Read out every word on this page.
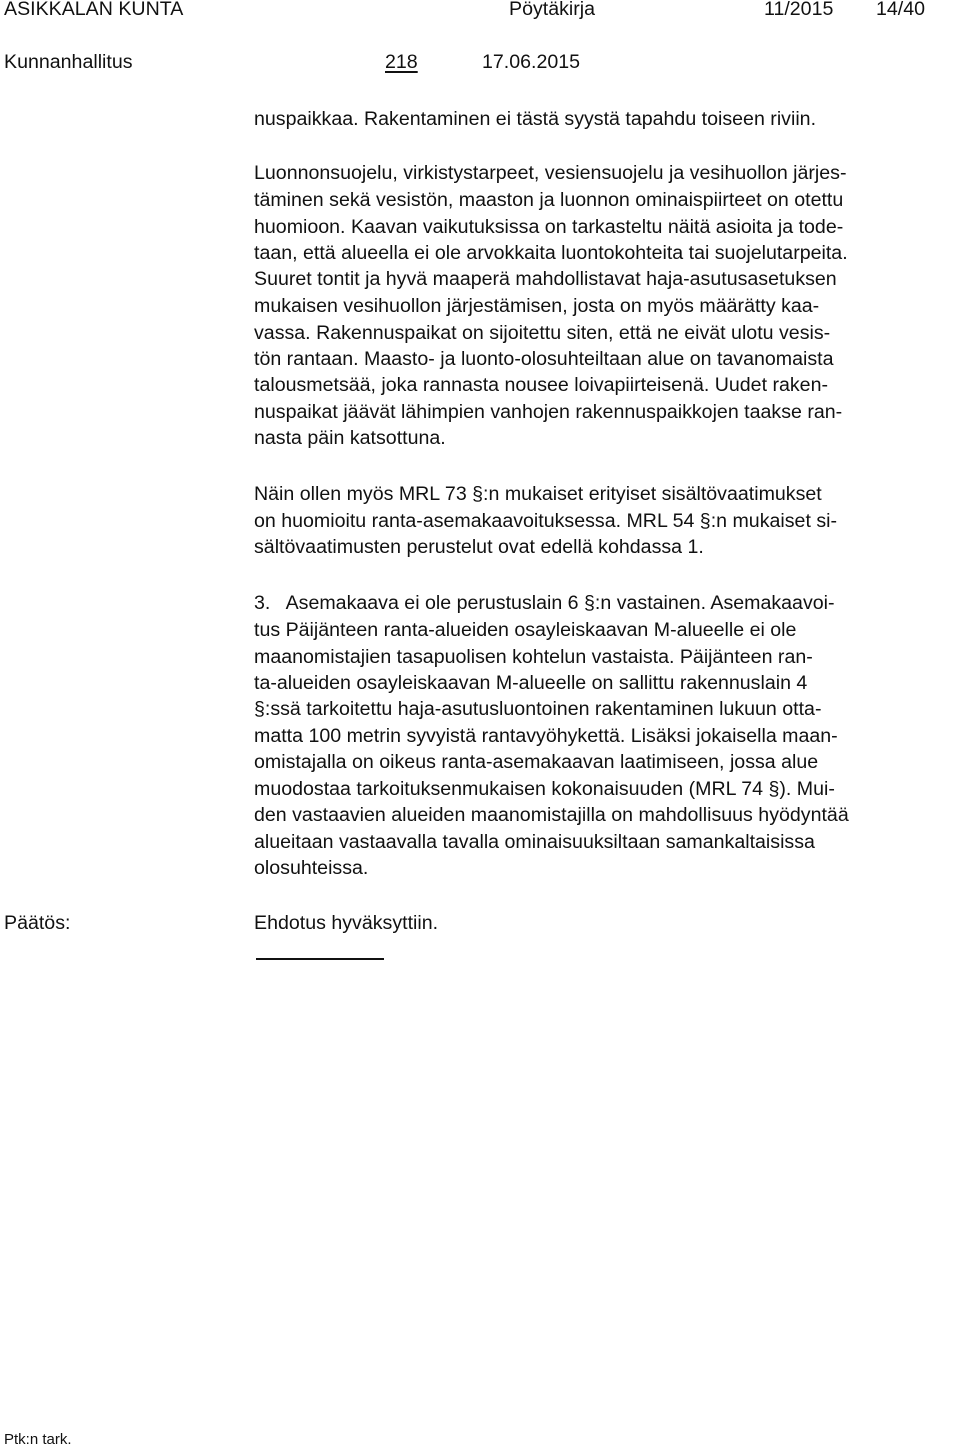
ASIKKALAN KUNTA	Pöytäkirja	11/2015 14/40
Kunnanhallitus	218	17.06.2015
nuspaikkaa. Rakentaminen ei tästä syystä tapahdu toiseen riviin.
Luonnonsuojelu, virkistystarpeet, vesiensuojelu ja vesihuollon järjes-
täminen sekä vesistön, maaston ja luonnon ominaispiirteet on otettu
huomioon. Kaavan vaikutuksissa on tarkasteltu näitä asioita ja tode-
taan, että alueella ei ole arvokkaita luontokohteita tai suojelutarpeita.
Suuret tontit ja hyvä maaperä mahdollistavat haja-asutusasetuksen
mukaisen vesihuollon järjestämisen, josta on myös määrätty kaa-
vassa. Rakennuspaikat on sijoitettu siten, että ne eivät ulotu vesis-
tön rantaan. Maasto- ja luonto-olosuhteiltaan alue on tavanomaista
talousmetsää, joka rannasta nousee loivapiirteisenä. Uudet raken-
nuspaikat jäävät lähimpien vanhojen rakennuspaikkojen taakse ran-
nasta päin katsottuna.
Näin ollen myös MRL 73 §:n mukaiset erityiset sisältövaatimukset
on huomioitu ranta-asemakaavoituksessa. MRL 54 §:n mukaiset si-
sältövaatimusten perustelut ovat edellä kohdassa 1.
3.   Asemakaava ei ole perustuslain 6 §:n vastainen. Asemakaavoi-
tus Päijänteen ranta-alueiden osayleiskaavan M-alueelle ei ole
maanomistajien tasapuolisen kohtelun vastaista. Päijänteen ran-
ta-alueiden osayleiskaavan M-alueelle on sallittu rakennuslain 4
§:ssä tarkoitettu haja-asutusluontoinen rakentaminen lukuun otta-
matta 100 metrin syvyistä rantavyöhykettä. Lisäksi jokaisella maan-
omistajalla on oikeus ranta-asemakaavan laatimiseen, jossa alue
muodostaa tarkoituksenmukaisen kokonaisuuden (MRL 74 §). Mui-
den vastaavien alueiden maanomistajilla on mahdollisuus hyödyntää
alueitaan vastaavalla tavalla ominaisuuksiltaan samankaltaisissa
olosuhteissa.
Päätös:	Ehdotus hyväksyttiin.
Ptk:n tark.
